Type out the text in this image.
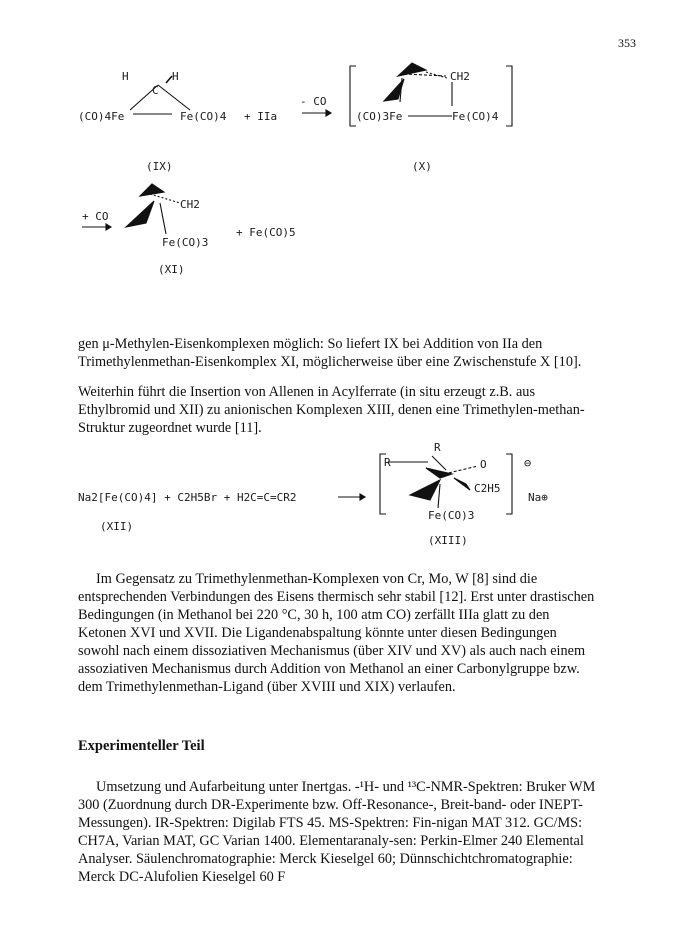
353
H	H
C
(CO)4Fe	Fe(CO)4 + IIa
- CO
CH2
(CO)3Fe	Fe(CO)4
(IX)	(X)
+ CO
CH2
Fe(CO)3
+ Fe(CO)5
(XI)

gen μ-Methylen-Eisenkomplexen möglich: So liefert IX bei Addition von IIa den Trimethylenmethan-Eisenkomplex XI, möglicherweise über eine Zwischenstufe X [10].

Weiterhin führt die Insertion von Allenen in Acylferrate (in situ erzeugt z.B. aus Ethylbromid und XII) zu anionischen Komplexen XIII, denen eine Trimethylen-methan-Struktur zugeordnet wurde [11].

Na2[Fe(CO)4] + C2H5Br + H2C=C=CR2
(XII)
R
R	O
C2H5
Fe(CO)3
⊖
Na⊕
(XIII)

Im Gegensatz zu Trimethylenmethan-Komplexen von Cr, Mo, W [8] sind die entsprechenden Verbindungen des Eisens thermisch sehr stabil [12]. Erst unter drastischen Bedingungen (in Methanol bei 220 °C, 30 h, 100 atm CO) zerfällt IIIa glatt zu den Ketonen XVI und XVII. Die Ligandenabspaltung könnte unter diesen Bedingungen sowohl nach einem dissoziativen Mechanismus (über XIV und XV) als auch nach einem assoziativen Mechanismus durch Addition von Methanol an einer Carbonylgruppe bzw. dem Trimethylenmethan-Ligand (über XVIII und XIX) verlaufen.

Experimenteller Teil

Umsetzung und Aufarbeitung unter Inertgas. -¹H- und ¹³C-NMR-Spektren: Bruker WM 300 (Zuordnung durch DR-Experimente bzw. Off-Resonance-, Breit-band- oder INEPT-Messungen). IR-Spektren: Digilab FTS 45. MS-Spektren: Fin-nigan MAT 312. GC/MS: CH7A, Varian MAT, GC Varian 1400. Elementaranaly-sen: Perkin-Elmer 240 Elemental Analyser. Säulenchromatographie: Merck Kieselgel 60; Dünnschichtchromatographie: Merck DC-Alufolien Kieselgel 60 F
